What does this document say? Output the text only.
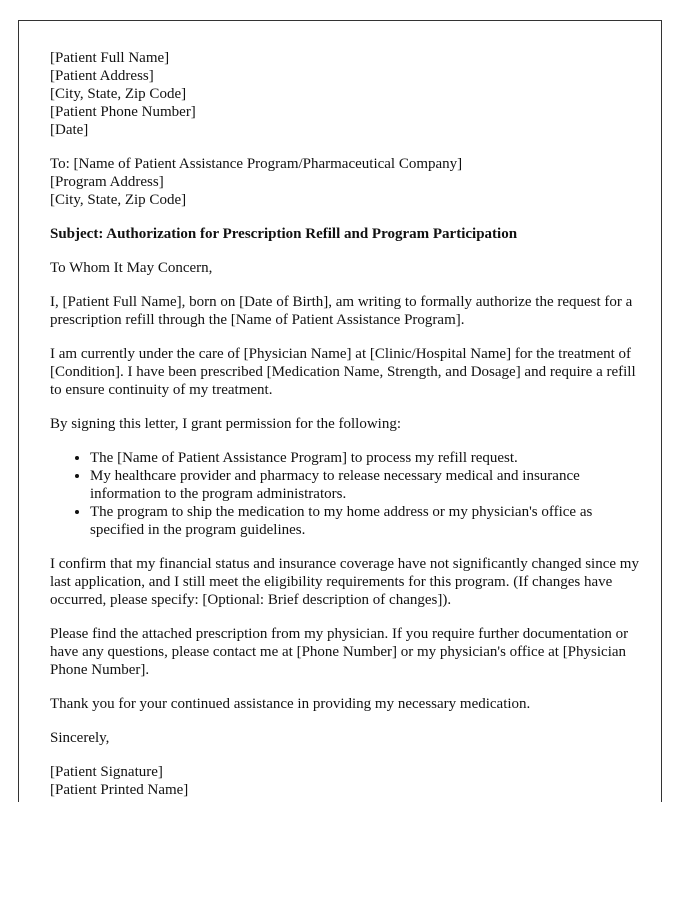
[Patient Full Name]
[Patient Address]
[City, State, Zip Code]
[Patient Phone Number]
[Date]
To: [Name of Patient Assistance Program/Pharmaceutical Company]
[Program Address]
[City, State, Zip Code]

Subject: Authorization for Prescription Refill and Program Participation

To Whom It May Concern,

I, [Patient Full Name], born on [Date of Birth], am writing to formally authorize the request for a prescription refill through the [Name of Patient Assistance Program].

I am currently under the care of [Physician Name] at [Clinic/Hospital Name] for the treatment of [Condition]. I have been prescribed [Medication Name, Strength, and Dosage] and require a refill to ensure continuity of my treatment.

By signing this letter, I grant permission for the following:

• The [Name of Patient Assistance Program] to process my refill request.
• My healthcare provider and pharmacy to release necessary medical and insurance information to the program administrators.
• The program to ship the medication to my home address or my physician's office as specified in the program guidelines.

I confirm that my financial status and insurance coverage have not significantly changed since my last application, and I still meet the eligibility requirements for this program. (If changes have occurred, please specify: [Optional: Brief description of changes]).

Please find the attached prescription from my physician. If you require further documentation or have any questions, please contact me at [Phone Number] or my physician's office at [Physician Phone Number].

Thank you for your continued assistance in providing my necessary medication.

Sincerely,

[Patient Signature]
[Patient Printed Name]
